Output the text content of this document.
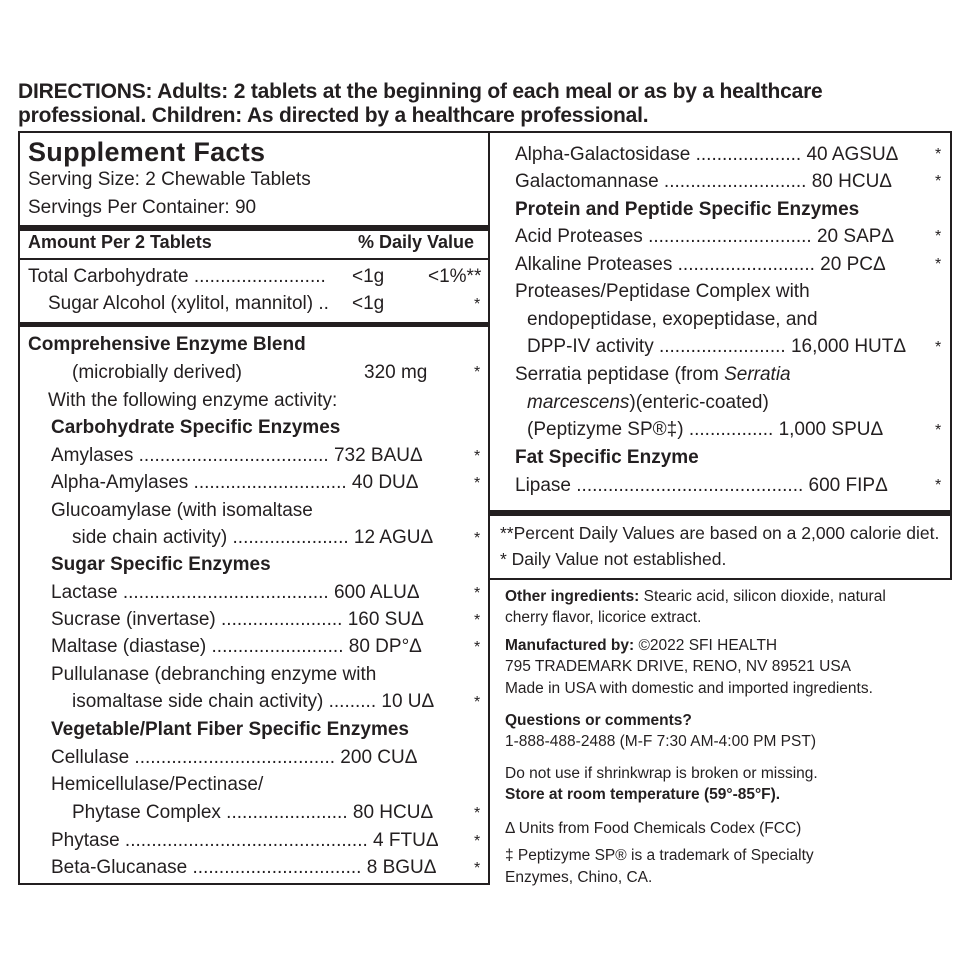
DIRECTIONS: Adults: 2 tablets at the beginning of each meal or as by a healthcare
professional. Children: As directed by a healthcare professional.
Supplement Facts
Serving Size: 2 Chewable Tablets
Servings Per Container: 90
Amount Per 2 Tablets	% Daily Value
Total Carbohydrate ......................... <1g <1%**
Sugar Alcohol (xylitol, mannitol) .. <1g	*
Comprehensive Enzyme Blend
(microbially derived)	320 mg	*
With the following enzyme activity:
Carbohydrate Specific Enzymes
Amylases .................................... 732 BAUΔ	*
Alpha-Amylases ............................. 40 DUΔ	*
Glucoamylase (with isomaltase
side chain activity) ...................... 12 AGUΔ	*
Sugar Specific Enzymes
Lactase ....................................... 600 ALUΔ	*
Sucrase (invertase) ....................... 160 SUΔ	*
Maltase (diastase) ......................... 80 DP°Δ	*
Pullulanase (debranching enzyme with
isomaltase side chain activity) ......... 10 UΔ *
Vegetable/Plant Fiber Specific Enzymes
Cellulase ...................................... 200 CUΔ
Hemicellulase/Pectinase/
Phytase Complex ....................... 80 HCUΔ	*
Phytase .............................................. 4 FTUΔ *
Beta-Glucanase ................................ 8 BGUΔ *
Alpha-Galactosidase .................... 40 AGSUΔ *
Galactomannase ........................... 80 HCUΔ	*
Protein and Peptide Specific Enzymes
Acid Proteases ............................... 20 SAPΔ	*
Alkaline Proteases .......................... 20 PCΔ	*
Proteases/Peptidase Complex with
endopeptidase, exopeptidase, and
DPP-IV activity ........................ 16,000 HUTΔ *
Serratia peptidase (from Serratia
marcescens)(enteric-coated)
(Peptizyme SP®‡) ................ 1,000 SPUΔ	*
Fat Specific Enzyme
Lipase ........................................... 600 FIPΔ	*
**Percent Daily Values are based on a 2,000 calorie diet.
* Daily Value not established.
Other ingredients: Stearic acid, silicon dioxide, natural
cherry flavor, licorice extract.
Manufactured by: ©2022 SFI HEALTH
795 TRADEMARK DRIVE, RENO, NV 89521 USA
Made in USA with domestic and imported ingredients.
Questions or comments?
1-888-488-2488 (M-F 7:30 AM-4:00 PM PST)
Do not use if shrinkwrap is broken or missing.
Store at room temperature (59°-85°F).
Δ Units from Food Chemicals Codex (FCC)
‡ Peptizyme SP® is a trademark of Specialty
Enzymes, Chino, CA.
